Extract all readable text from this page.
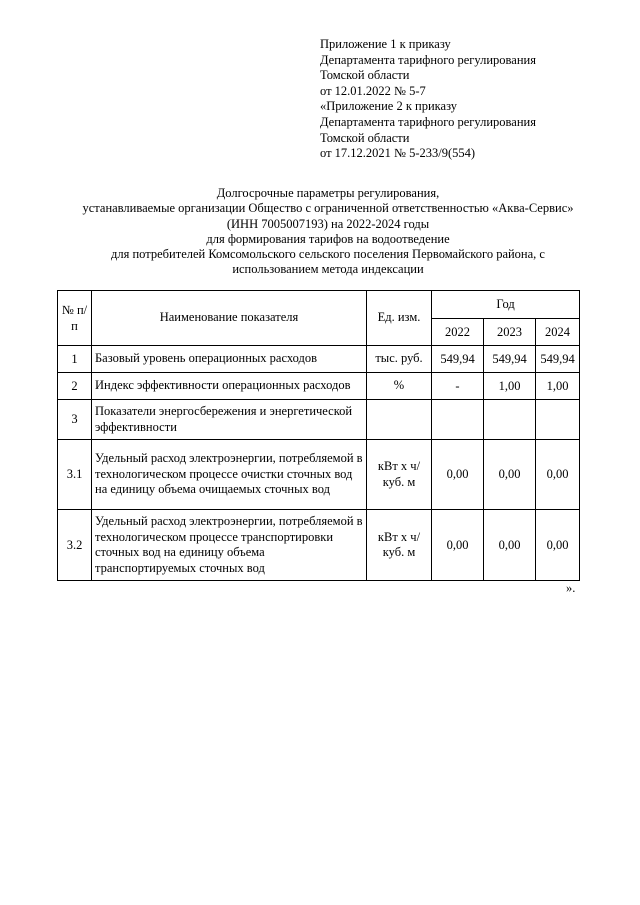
Приложение 1 к приказу
Департамента тарифного регулирования
Томской области
от 12.01.2022 № 5-7
«Приложение 2 к приказу
Департамента тарифного регулирования
Томской области
от 17.12.2021 № 5-233/9(554)
Долгосрочные параметры регулирования,
устанавливаемые организации Общество с ограниченной ответственностью «Аква-Сервис»
(ИНН 7005007193) на 2022-2024 годы
для формирования тарифов на водоотведение
для потребителей Комсомольского сельского поселения Первомайского района, с
использованием метода индексации
№ п/п	Наименование показателя	Ед. изм.	Год		
			2022	2023	2024
1	Базовый уровень операционных расходов	тыс. руб.	549,94	549,94	549,94
2	Индекс эффективности операционных расходов	%	-	1,00	1,00
3	Показатели энергосбережения и энергетической эффективности				
3.1	Удельный расход электроэнергии, потребляемой в технологическом процессе очистки сточных вод на единицу объема очищаемых сточных вод	кВт х ч/куб. м	0,00	0,00	0,00
3.2	Удельный расход электроэнергии, потребляемой в технологическом процессе транспортировки сточных вод на единицу объема транспортируемых сточных вод	кВт х ч/куб. м	0,00	0,00	0,00
».
